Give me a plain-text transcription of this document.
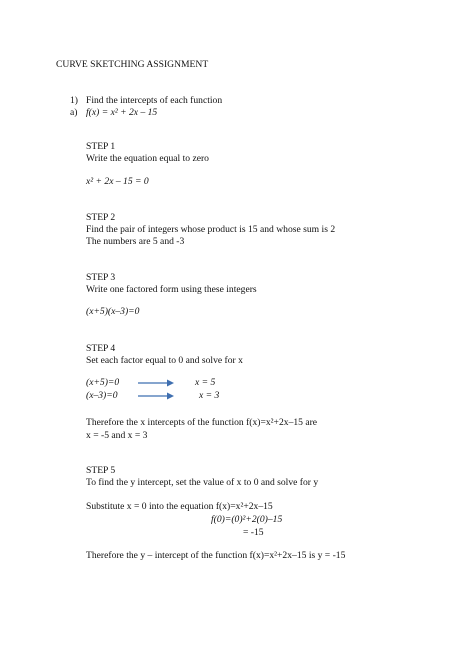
CURVE SKETCHING ASSIGNMENT
1) Find the intercepts of each function
a) f(x) = x² + 2x – 15
STEP 1
Write the equation equal to zero
x² + 2x – 15 = 0
STEP 2
Find the pair of integers whose product is 15 and whose sum is 2
The numbers are 5 and -3
STEP 3
Write one factored form using these integers
(x+5)(x–3)=0
STEP 4
Set each factor equal to 0 and solve for x
(x+5)=0	x = 5
(x–3)=0	x = 3
Therefore the x intercepts of the function f(x)=x²+2x–15 are
x = -5 and x = 3
STEP 5
To find the y intercept, set the value of x to 0 and solve for y
Substitute x = 0 into the equation f(x)=x²+2x–15
f(0)=(0)²+2(0)–15
= -15
Therefore the y – intercept of the function f(x)=x²+2x–15 is y = -15
